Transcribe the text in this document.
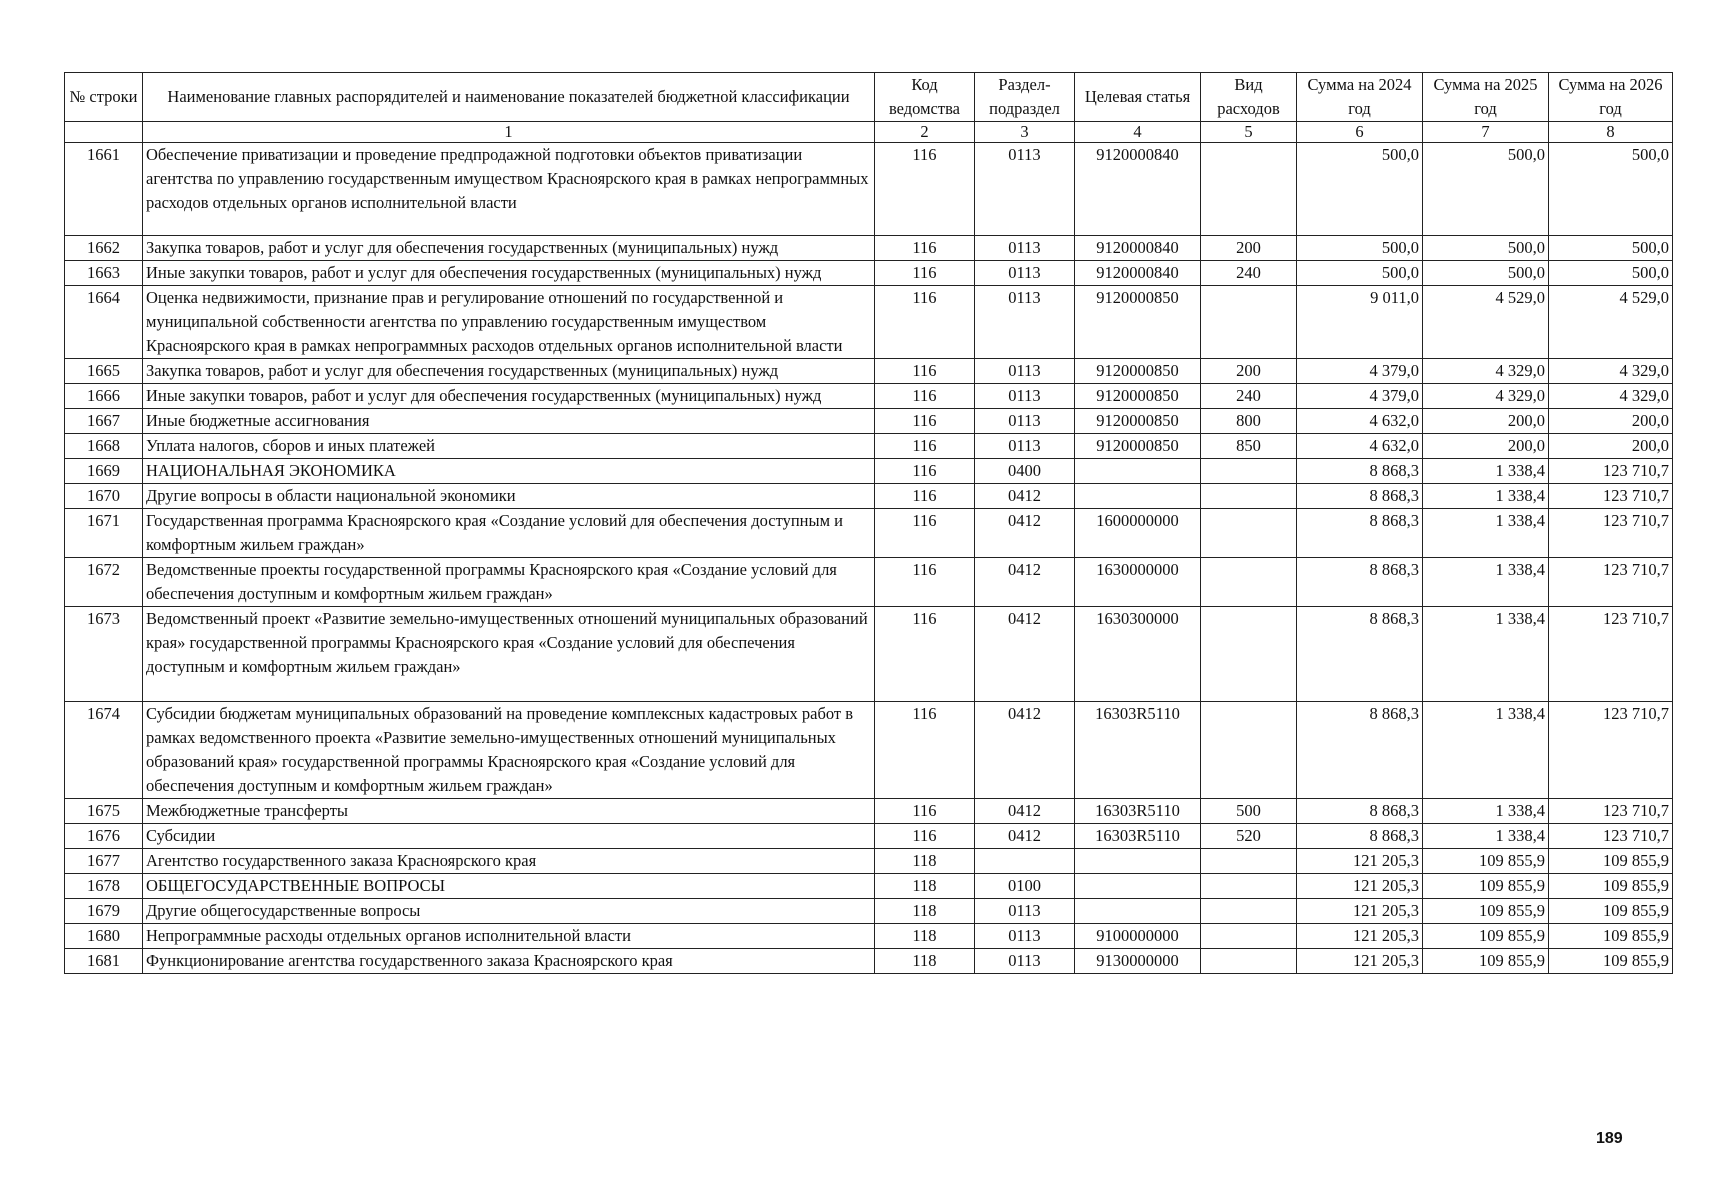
№ строки	Наименование главных распорядителей и наименование показателей бюджетной классификации	Код ведомства	Раздел-подраздел	Целевая статья	Вид расходов	Сумма на 2024 год	Сумма на 2025 год	Сумма на 2026 год
	1	2	3	4	5	6	7	8
1661	Обеспечение приватизации и проведение предпродажной подготовки объектов приватизации агентства по управлению государственным имуществом Красноярского края в рамках непрограммных расходов отдельных органов исполнительной власти	116	0113	9120000840		500,0	500,0	500,0
1662	Закупка товаров, работ и услуг для обеспечения государственных (муниципальных) нужд	116	0113	9120000840	200	500,0	500,0	500,0
1663	Иные закупки товаров, работ и услуг для обеспечения государственных (муниципальных) нужд	116	0113	9120000840	240	500,0	500,0	500,0
1664	Оценка недвижимости, признание прав и регулирование отношений по государственной и муниципальной собственности агентства по управлению государственным имуществом Красноярского края в рамках непрограммных расходов отдельных органов исполнительной власти	116	0113	9120000850		9 011,0	4 529,0	4 529,0
1665	Закупка товаров, работ и услуг для обеспечения государственных (муниципальных) нужд	116	0113	9120000850	200	4 379,0	4 329,0	4 329,0
1666	Иные закупки товаров, работ и услуг для обеспечения государственных (муниципальных) нужд	116	0113	9120000850	240	4 379,0	4 329,0	4 329,0
1667	Иные бюджетные ассигнования	116	0113	9120000850	800	4 632,0	200,0	200,0
1668	Уплата налогов, сборов и иных платежей	116	0113	9120000850	850	4 632,0	200,0	200,0
1669	НАЦИОНАЛЬНАЯ ЭКОНОМИКА	116	0400			8 868,3	1 338,4	123 710,7
1670	Другие вопросы в области национальной экономики	116	0412			8 868,3	1 338,4	123 710,7
1671	Государственная программа Красноярского края «Создание условий для обеспечения доступным и комфортным жильем граждан»	116	0412	1600000000		8 868,3	1 338,4	123 710,7
1672	Ведомственные проекты государственной программы Красноярского края «Создание условий для обеспечения доступным и комфортным жильем граждан»	116	0412	1630000000		8 868,3	1 338,4	123 710,7
1673	Ведомственный проект «Развитие земельно-имущественных отношений муниципальных образований края» государственной программы Красноярского края «Создание условий для обеспечения доступным и комфортным жильем граждан»	116	0412	1630300000		8 868,3	1 338,4	123 710,7
1674	Субсидии бюджетам муниципальных образований на проведение комплексных кадастровых работ в рамках ведомственного проекта «Развитие земельно-имущественных отношений муниципальных образований края» государственной программы Красноярского края «Создание условий для обеспечения доступным и комфортным жильем граждан»	116	0412	16303R5110		8 868,3	1 338,4	123 710,7
1675	Межбюджетные трансферты	116	0412	16303R5110	500	8 868,3	1 338,4	123 710,7
1676	Субсидии	116	0412	16303R5110	520	8 868,3	1 338,4	123 710,7
1677	Агентство государственного заказа Красноярского края	118				121 205,3	109 855,9	109 855,9
1678	ОБЩЕГОСУДАРСТВЕННЫЕ ВОПРОСЫ	118	0100			121 205,3	109 855,9	109 855,9
1679	Другие общегосударственные вопросы	118	0113			121 205,3	109 855,9	109 855,9
1680	Непрограммные расходы отдельных органов исполнительной власти	118	0113	9100000000		121 205,3	109 855,9	109 855,9
1681	Функционирование агентства государственного заказа Красноярского края	118	0113	9130000000		121 205,3	109 855,9	109 855,9
189
